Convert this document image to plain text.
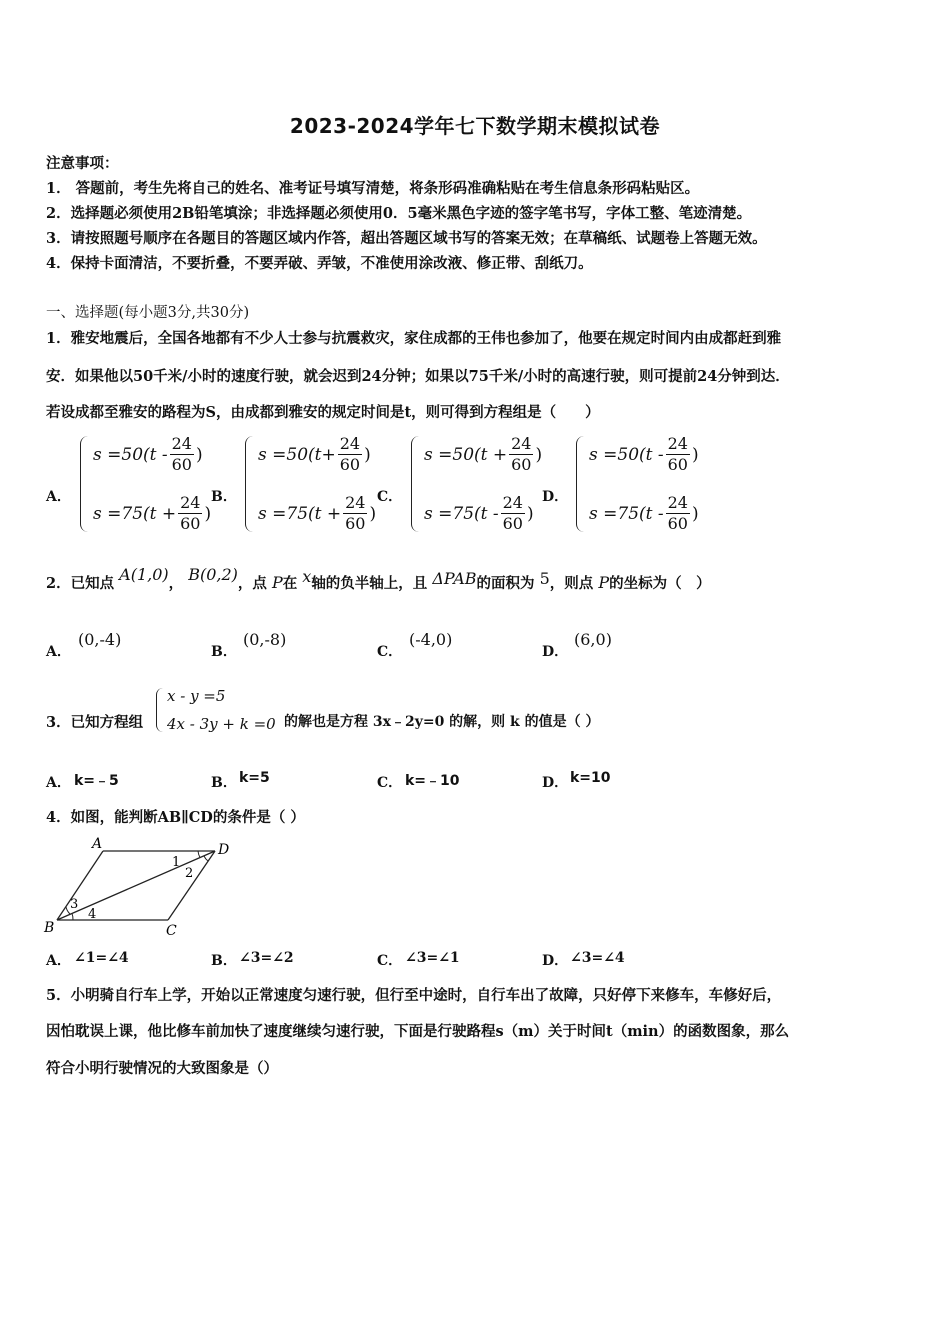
2023-2024学年七下数学期末模拟试卷
注意事项：
1． 答题前，考生先将自己的姓名、准考证号填写清楚，将条形码准确粘贴在考生信息条形码粘贴区。
2．选择题必须使用2B铅笔填涂；非选择题必须使用0．5毫米黑色字迹的签字笔书写，字体工整、笔迹清楚。
3．请按照题号顺序在各题目的答题区域内作答，超出答题区域书写的答案无效；在草稿纸、试题卷上答题无效。
4．保持卡面清洁，不要折叠，不要弄破、弄皱，不准使用涂改液、修正带、刮纸刀。
一、选择题(每小题3分,共30分)
1．雅安地震后，全国各地都有不少人士参与抗震救灾，家住成都的王伟也参加了，他要在规定时间内由成都赶到雅
安．如果他以50千米/小时的速度行驶，就会迟到24分钟；如果以75千米/小时的高速行驶，则可提前24分钟到达．
若设成都至雅安的路程为S，由成都到雅安的规定时间是t，则可得到方程组是（　　）
A．
$s =50(t - \frac{24}{60}$ )
$s =75(t + \frac{24}{60}$ )
B．
$s =50(t+ \frac{24}{60}$ )
$s =75(t + \frac{24}{60}$ )
C．
$s =50(t + \frac{24}{60}$ )
$s =75(t - \frac{24}{60}$ )
D．
$s =50(t - \frac{24}{60}$ )
$s =75(t - \frac{24}{60}$ )
2．已知点 A(1,0)， B(0,2)，点 P在 x轴的负半轴上，且 ΔPAB的面积为 5，则点 P的坐标为（　）
A．
(0,-4)
B．
(0,-8)
C．
(-4,0)
D．
(6,0)
3．已知方程组
x - y =5
4x - 3y + k =0 的解也是方程 3x﹣2y=0 的解，则 k 的值是（ ）
A． k=﹣5	B． k=5	C． k=﹣10	D． k=10
4．如图，能判断AB∥CD的条件是（ ）
A	D
B	C
1
2
3
4
A． ∠1=∠4	B． ∠3=∠2	C． ∠3=∠1	D． ∠3=∠4
5．小明骑自行车上学，开始以正常速度匀速行驶，但行至中途时，自行车出了故障，只好停下来修车，车修好后，
因怕耽误上课，他比修车前加快了速度继续匀速行驶，下面是行驶路程s（m）关于时间t（min）的函数图象，那么
符合小明行驶情况的大致图象是（）
